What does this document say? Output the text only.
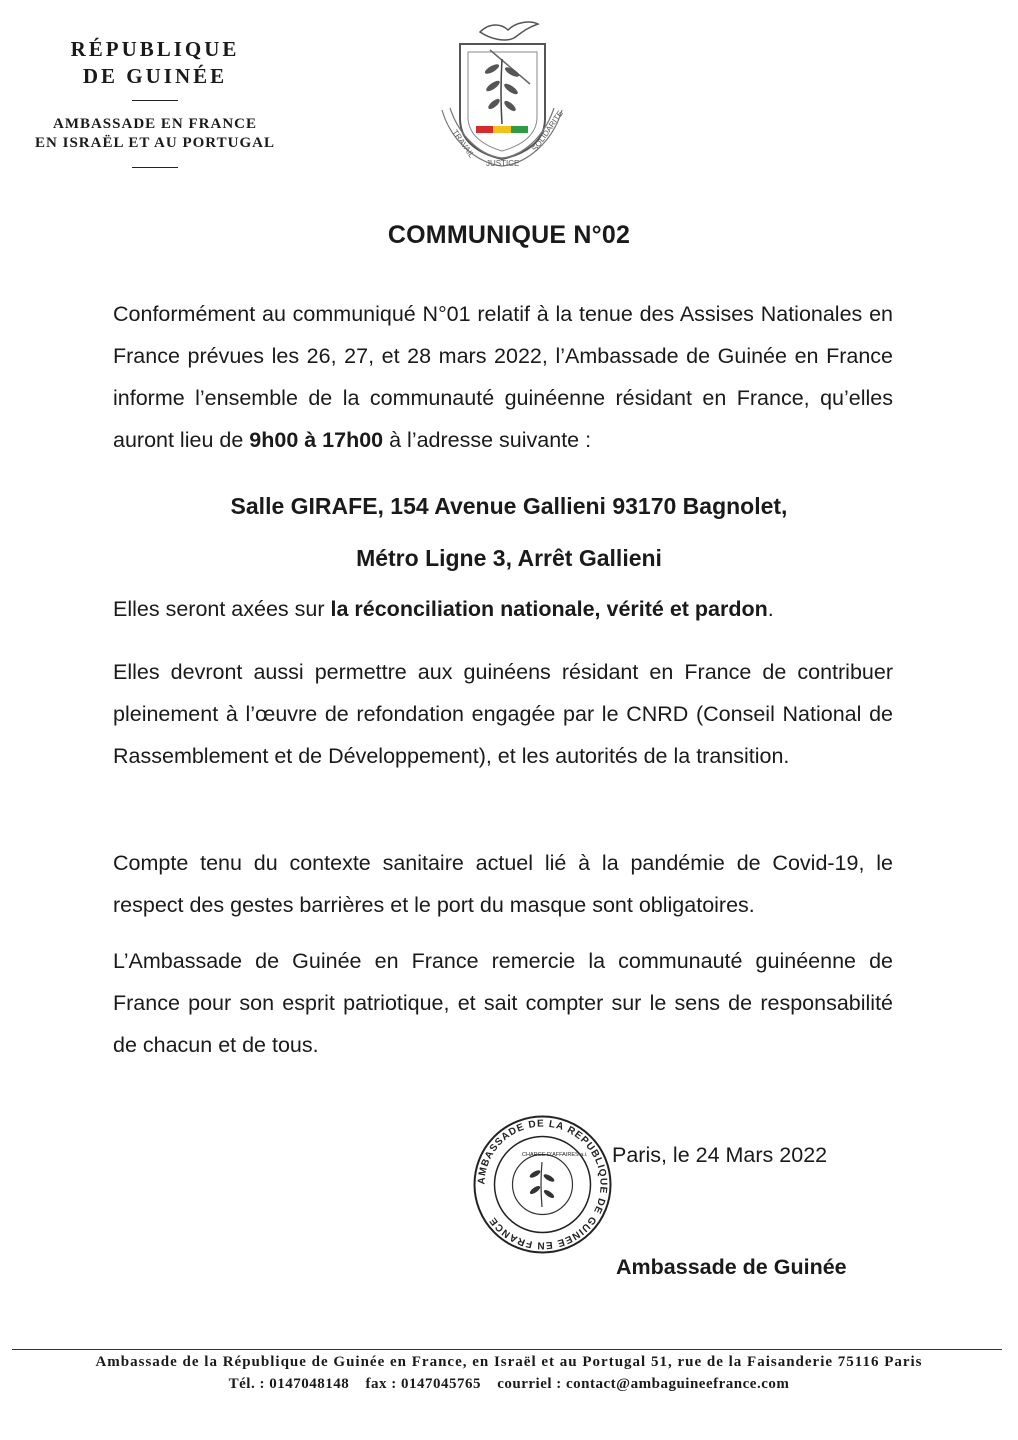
RÉPUBLIQUE
DE GUINÉE
AMBASSADE EN FRANCE
EN ISRAËL ET AU PORTUGAL	TRAVAIL
JUSTICE
SOLIDARITE
COMMUNIQUE N°02
Conformément au communiqué N°01 relatif à la tenue des Assises Nationales en France prévues les 26, 27, et 28 mars 2022, l’Ambassade de Guinée en France informe l’ensemble de la communauté guinéenne résidant en France, qu’elles auront lieu de 9h00 à 17h00 à l’adresse suivante :
Salle GIRAFE, 154 Avenue Gallieni 93170 Bagnolet,
Métro Ligne 3, Arrêt Gallieni
Elles seront axées sur la réconciliation nationale, vérité et pardon.
Elles devront aussi permettre aux guinéens résidant en France de contribuer pleinement à l’œuvre de refondation engagée par le CNRD (Conseil National de Rassemblement et de Développement), et les autorités de la transition.
Compte tenu du contexte sanitaire actuel lié à la pandémie de Covid-19, le respect des gestes barrières et le port du masque sont obligatoires.
L’Ambassade de Guinée en France remercie la communauté guinéenne de France pour son esprit patriotique, et sait compter sur le sens de responsabilité de chacun et de tous.
AMBASSADE DE LA REPUBLIQUE DE GUINEE EN FRANCE
CHARGE D'AFFAIRES a.i. Paris, le 24 Mars 2022
Ambassade de Guinée
Ambassade de la République de Guinée en France, en Israël et au Portugal 51, rue de la Faisanderie 75116 Paris
Tél. : 0147048148 fax : 0147045765 courriel : contact@ambaguineefrance.com
